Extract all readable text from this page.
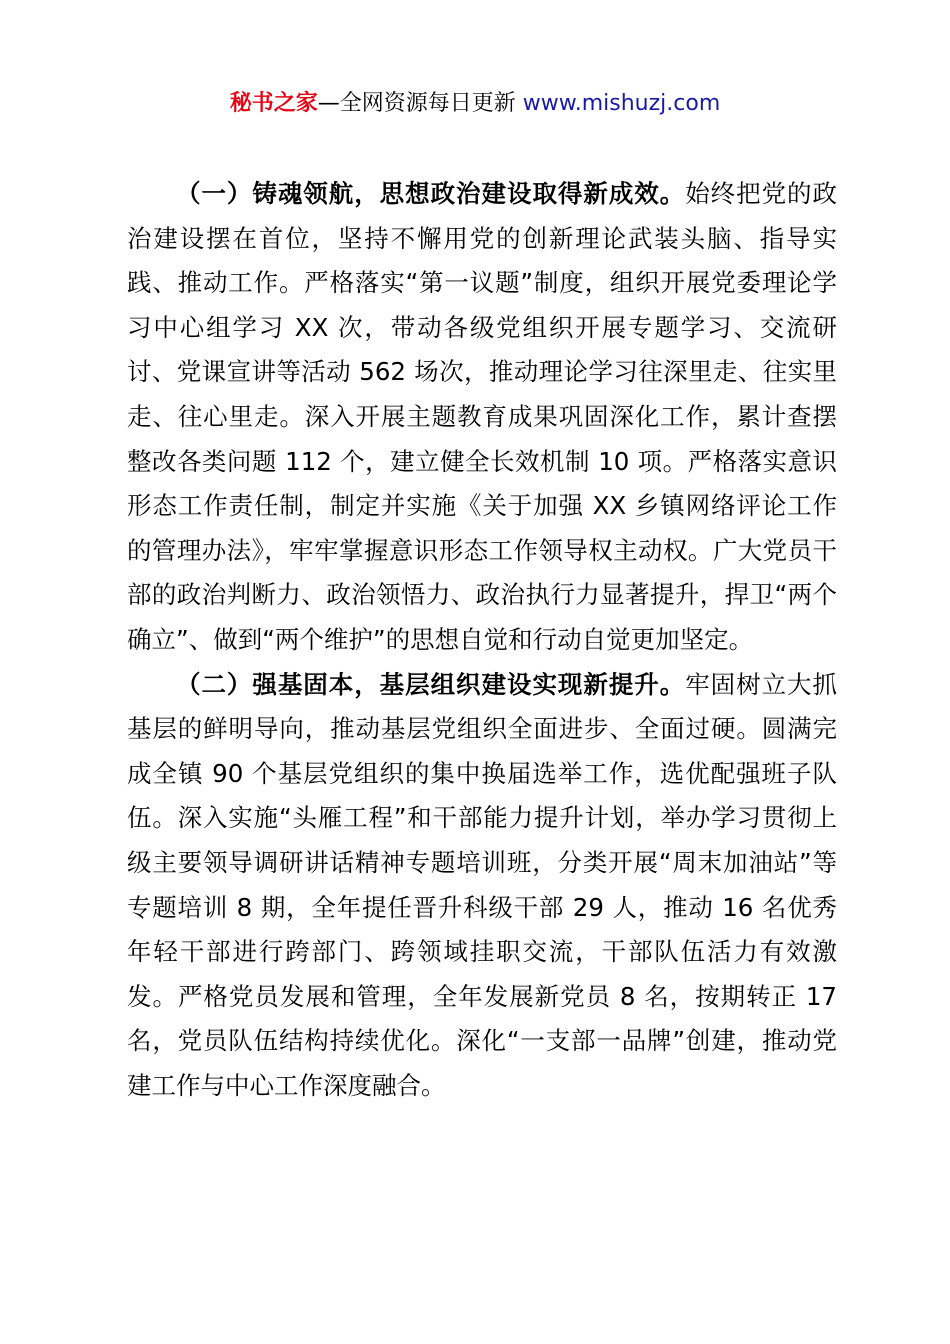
秘书之家—全网资源每日更新 www.mishuzj.com

（一）铸魂领航，思想政治建设取得新成效。始终把党的政治建设摆在首位，坚持不懈用党的创新理论武装头脑、指导实践、推动工作。严格落实“第一议题”制度，组织开展党委理论学习中心组学习 XX 次，带动各级党组织开展专题学习、交流研讨、党课宣讲等活动 562 场次，推动理论学习往深里走、往实里走、往心里走。深入开展主题教育成果巩固深化工作，累计查摆整改各类问题 112 个，建立健全长效机制 10 项。严格落实意识形态工作责任制，制定并实施《关于加强 XX 乡镇网络评论工作的管理办法》，牢牢掌握意识形态工作领导权主动权。广大党员干部的政治判断力、政治领悟力、政治执行力显著提升，捍卫“两个确立”、做到“两个维护”的思想自觉和行动自觉更加坚定。

（二）强基固本，基层组织建设实现新提升。牢固树立大抓基层的鲜明导向，推动基层党组织全面进步、全面过硬。圆满完成全镇 90 个基层党组织的集中换届选举工作，选优配强班子队伍。深入实施“头雁工程”和干部能力提升计划，举办学习贯彻上级主要领导调研讲话精神专题培训班，分类开展“周末加油站”等专题培训 8 期，全年提任晋升科级干部 29 人，推动 16 名优秀年轻干部进行跨部门、跨领域挂职交流，干部队伍活力有效激发。严格党员发展和管理，全年发展新党员 8 名，按期转正 17 名，党员队伍结构持续优化。深化“一支部一品牌”创建，推动党建工作与中心工作深度融合。
